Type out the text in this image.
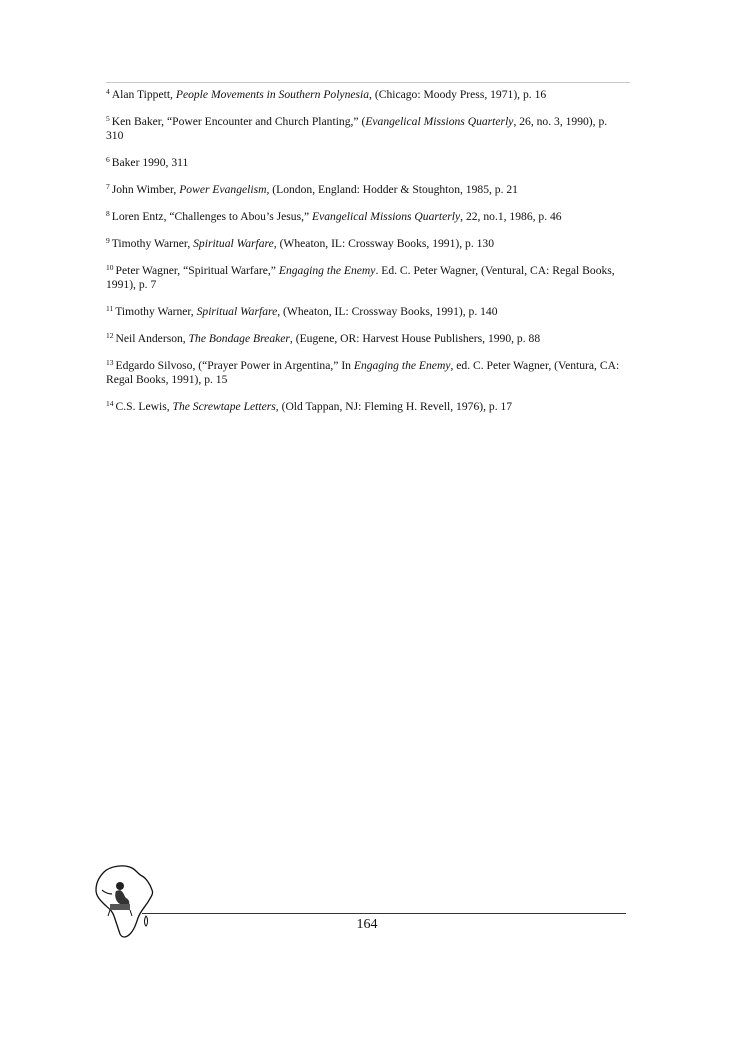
$^4$ Alan Tippett, People Movements in Southern Polynesia, (Chicago: Moody Press, 1971), p. 16

$^5$ Ken Baker, “Power Encounter and Church Planting,” (Evangelical Missions Quarterly, 26, no. 3, 1990), p. 310

$^6$ Baker 1990, 311

$^7$ John Wimber, Power Evangelism, (London, England: Hodder & Stoughton, 1985, p. 21

$^8$ Loren Entz, “Challenges to Abou’s Jesus,” Evangelical Missions Quarterly, 22, no.1, 1986, p. 46

$^9$ Timothy Warner, Spiritual Warfare, (Wheaton, IL: Crossway Books, 1991), p. 130

$^{10}$ Peter Wagner, “Spiritual Warfare,” Engaging the Enemy. Ed. C. Peter Wagner, (Ventural, CA: Regal Books, 1991), p. 7

$^{11}$ Timothy Warner, Spiritual Warfare, (Wheaton, IL: Crossway Books, 1991), p. 140

$^{12}$ Neil Anderson, The Bondage Breaker, (Eugene, OR: Harvest House Publishers, 1990, p. 88

$^{13}$ Edgardo Silvoso, (“Prayer Power in Argentina,” In Engaging the Enemy, ed. C. Peter Wagner, (Ventura, CA: Regal Books, 1991), p. 15

$^{14}$ C.S. Lewis, The Screwtape Letters, (Old Tappan, NJ: Fleming H. Revell, 1976), p. 17

164
